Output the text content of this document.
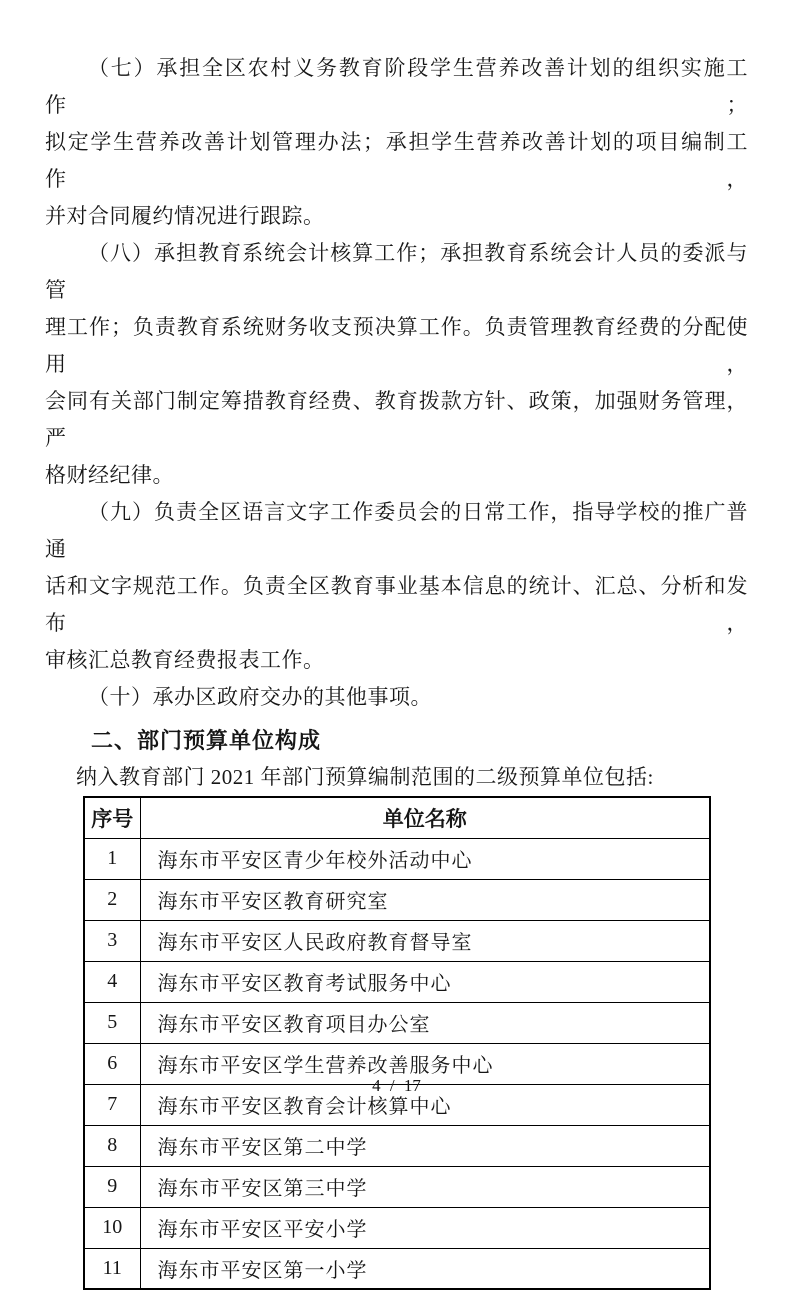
（七）承担全区农村义务教育阶段学生营养改善计划的组织实施工作；

拟定学生营养改善计划管理办法；承担学生营养改善计划的项目编制工作，

并对合同履约情况进行跟踪。

（八）承担教育系统会计核算工作；承担教育系统会计人员的委派与管

理工作；负责教育系统财务收支预决算工作。负责管理教育经费的分配使用，

会同有关部门制定筹措教育经费、教育拨款方针、政策，加强财务管理，严

格财经纪律。

（九）负责全区语言文字工作委员会的日常工作，指导学校的推广普通

话和文字规范工作。负责全区教育事业基本信息的统计、汇总、分析和发布，

审核汇总教育经费报表工作。

（十）承办区政府交办的其他事项。

二、部门预算单位构成

纳入教育部门 2021 年部门预算编制范围的二级预算单位包括:

序号	单位名称
1	海东市平安区青少年校外活动中心
2	海东市平安区教育研究室
3	海东市平安区人民政府教育督导室
4	海东市平安区教育考试服务中心
5	海东市平安区教育项目办公室
6	海东市平安区学生营养改善服务中心
7	海东市平安区教育会计核算中心
8	海东市平安区第二中学
9	海东市平安区第三中学
10	海东市平安区平安小学
11	海东市平安区第一小学
4 / 17
